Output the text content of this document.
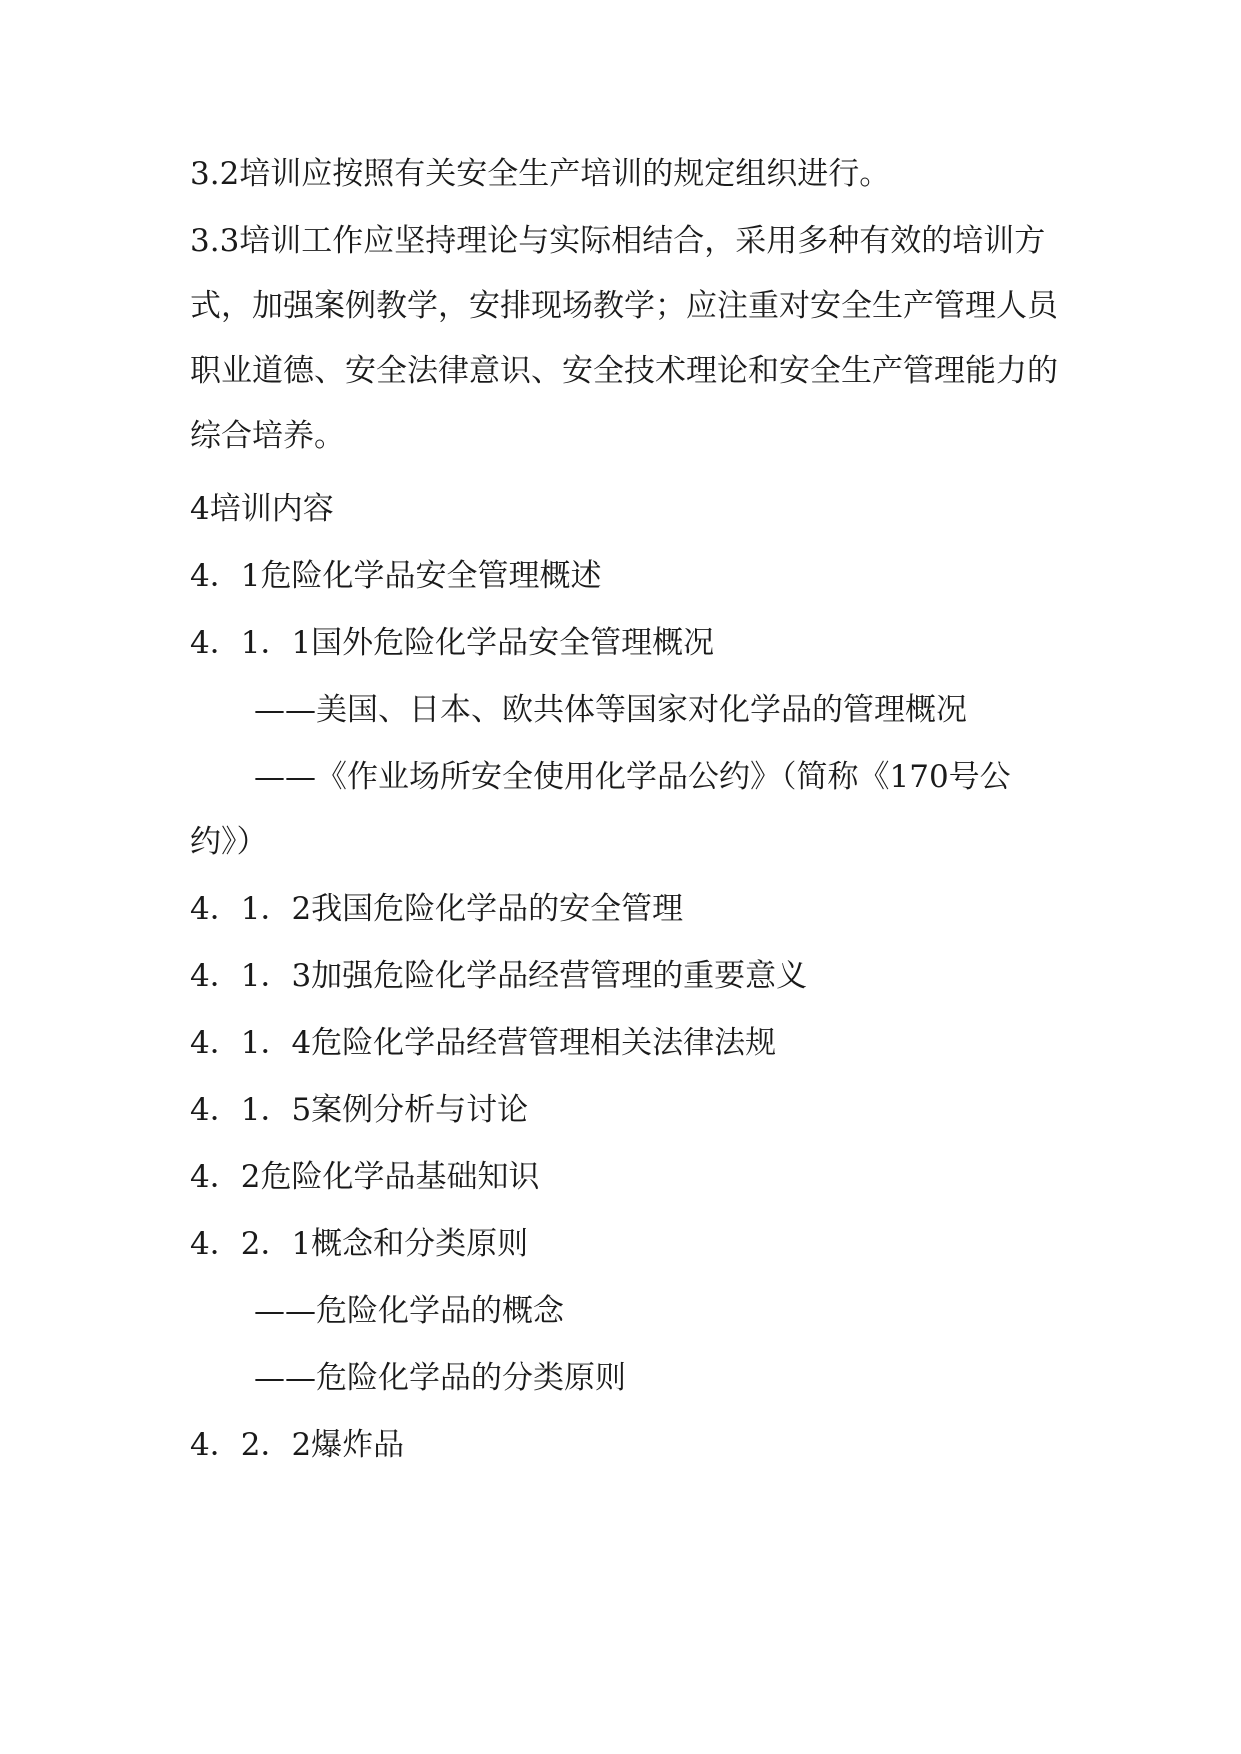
3.2培训应按照有关安全生产培训的规定组织进行。

3.3培训工作应坚持理论与实际相结合，采用多种有效的培训方式，加强案例教学，安排现场教学；应注重对安全生产管理人员职业道德、安全法律意识、安全技术理论和安全生产管理能力的综合培养。

4培训内容

4．1危险化学品安全管理概述

4．1．1国外危险化学品安全管理概况

——美国、日本、欧共体等国家对化学品的管理概况

——《作业场所安全使用化学品公约》（简称《170号公约》）

4．1．2我国危险化学品的安全管理

4．1．3加强危险化学品经营管理的重要意义

4．1．4危险化学品经营管理相关法律法规

4．1．5案例分析与讨论

4．2危险化学品基础知识

4．2．1概念和分类原则

——危险化学品的概念

——危险化学品的分类原则

4．2．2爆炸品
